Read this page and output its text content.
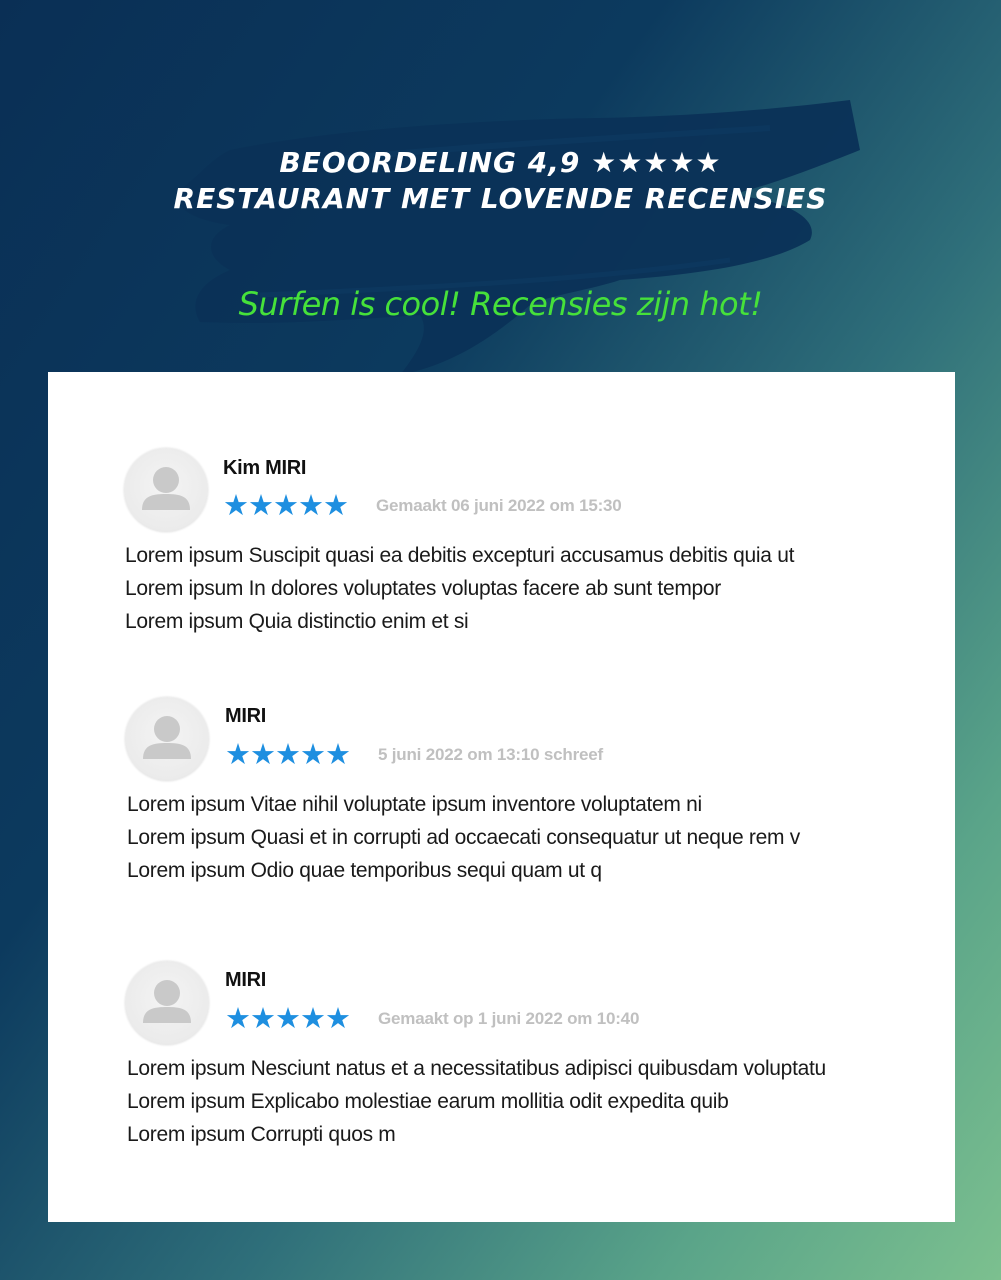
BEOORDELING 4,9 ★★★★★
RESTAURANT MET LOVENDE RECENSIES
Surfen is cool! Recensies zijn hot!
Kim MIRI
★★★★★ Gemaakt 06 juni 2022 om 15:30
Lorem ipsum Suscipit quasi ea debitis excepturi accusamus debitis quia ut
Lorem ipsum In dolores voluptates voluptas facere ab sunt tempor
Lorem ipsum Quia distinctio enim et si
MIRI
★★★★★ 5 juni 2022 om 13:10 schreef
Lorem ipsum Vitae nihil voluptate ipsum inventore voluptatem ni
Lorem ipsum Quasi et in corrupti ad occaecati consequatur ut neque rem v
Lorem ipsum Odio quae temporibus sequi quam ut q
MIRI
★★★★★ Gemaakt op 1 juni 2022 om 10:40
Lorem ipsum Nesciunt natus et a necessitatibus adipisci quibusdam voluptatu
Lorem ipsum Explicabo molestiae earum mollitia odit expedita quib
Lorem ipsum Corrupti quos m
